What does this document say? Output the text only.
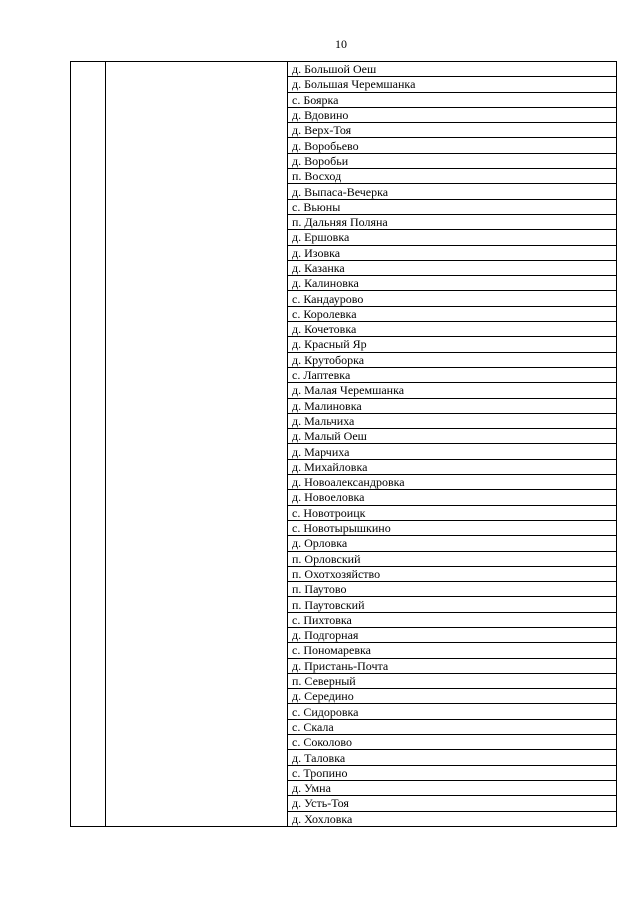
10
		д. Большой Оеш
д. Большая Черемшанка
с. Боярка
д. Вдовино
д. Верх-Тоя
д. Воробьево
д. Воробьи
п. Восход
д. Выпаса-Вечерка
с. Вьюны
п. Дальняя Поляна
д. Ершовка
д. Изовка
д. Казанка
д. Калиновка
с. Кандаурово
с. Королевка
д. Кочетовка
д. Красный Яр
д. Крутоборка
с. Лаптевка
д. Малая Черемшанка
д. Малиновка
д. Мальчиха
д. Малый Оеш
д. Марчиха
д. Михайловка
д. Новоалександровка
д. Новоеловка
с. Новотроицк
с. Новотырышкино
д. Орловка
п. Орловский
п. Охотхозяйство
п. Паутово
п. Паутовский
с. Пихтовка
д. Подгорная
с. Пономаревка
д. Пристань-Почта
п. Северный
д. Середино
с. Сидоровка
с. Скала
с. Соколово
д. Таловка
с. Тропино
д. Умна
д. Усть-Тоя
д. Хохловка
